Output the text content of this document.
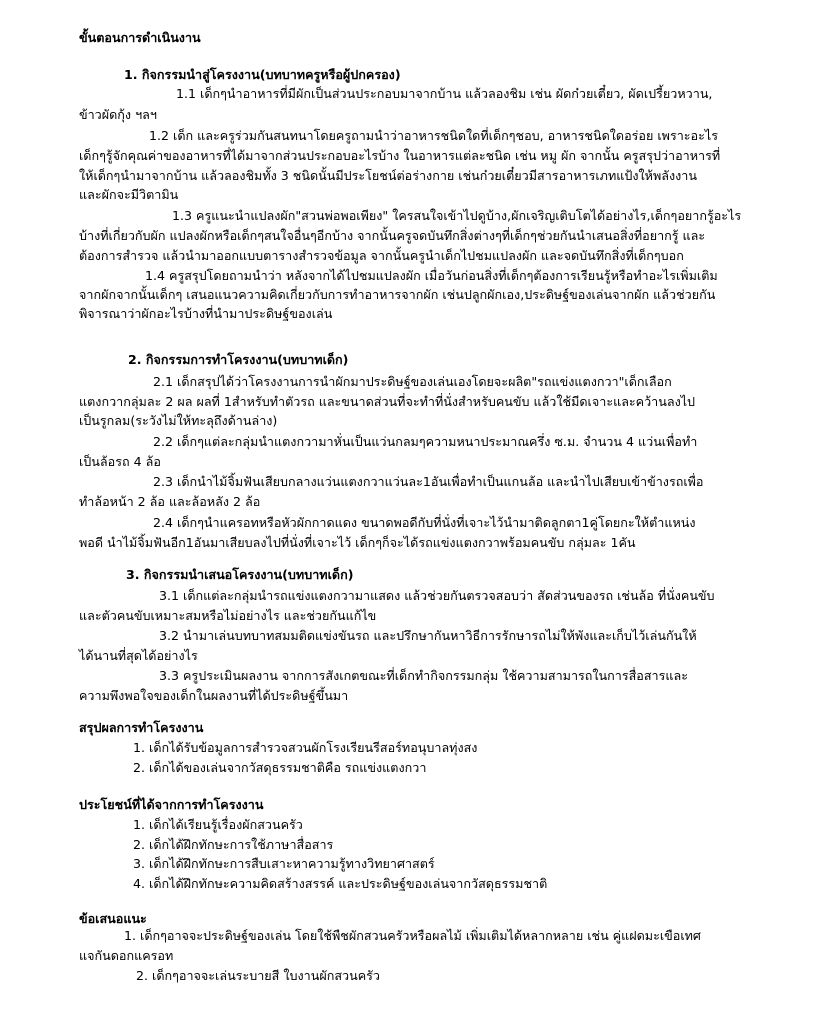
ขั้นตอนการดำเนินงาน
1. กิจกรรมนำสู่โครงงาน(บทบาทครูหรือผู้ปกครอง)
1.1 เด็กๆนำอาหารที่มีผักเป็นส่วนประกอบมาจากบ้าน แล้วลองชิม เช่น ผัดก๋วยเตี๋ยว, ผัดเปรี้ยวหวาน,
ข้าวผัดกุ้ง ฯลฯ
1.2 เด็ก และครูร่วมกันสนทนาโดยครูถามนำว่าอาหารชนิดใดที่เด็กๆชอบ, อาหารชนิดใดอร่อย เพราะอะไร
เด็กๆรู้จักคุณค่าของอาหารที่ได้มาจากส่วนประกอบอะไรบ้าง ในอาหารแต่ละชนิด เช่น หมู ผัก จากนั้น ครูสรุปว่าอาหารที่
ให้เด็กๆนำมาจากบ้าน แล้วลองชิมทั้ง 3 ชนิดนั้นมีประโยชน์ต่อร่างกาย เช่นก๋วยเตี๋ยวมีสารอาหารเภทแป้งให้พลังงาน
และผักจะมีวิตามิน
1.3 ครูแนะนำแปลงผัก"สวนพ่อพอเพียง" ใครสนใจเข้าไปดูบ้าง,ผักเจริญเติบโตได้อย่างไร,เด็กๆอยากรู้อะไร
บ้างที่เกี่ยวกับผัก แปลงผักหรือเด็กๆสนใจอื่นๆอีกบ้าง จากนั้นครูจดบันทึกสิ่งต่างๆที่เด็กๆช่วยกันนำเสนอสิ่งที่อยากรู้ และ
ต้องการสำรวจ แล้วนำมาออกแบบตารางสำรวจข้อมูล จากนั้นครูนำเด็กไปชมแปลงผัก และจดบันทึกสิ่งที่เด็กๆบอก
1.4 ครูสรุปโดยถามนำว่า หลังจากได้ไปชมแปลงผัก เมื่อวันก่อนสิ่งที่เด็กๆต้องการเรียนรู้หรือทำอะไรเพิ่มเติม
จากผักจากนั้นเด็กๆ เสนอแนวความคิดเกี่ยวกับการทำอาหารจากผัก เช่นปลูกผักเอง,ประดิษฐ์ของเล่นจากผัก แล้วช่วยกัน
พิจารณาว่าผักอะไรบ้างที่นำมาประดิษฐ์ของเล่น
2. กิจกรรมการทำโครงงาน(บทบาทเด็ก)
2.1 เด็กสรุปได้ว่าโครงงานการนำผักมาประดิษฐ์ของเล่นเองโดยจะผลิต"รถแข่งแตงกวา"เด็กเลือก
แตงกวากลุ่มละ 2 ผล ผลที่ 1สำหรับทำตัวรถ และขนาดส่วนที่จะทำที่นั่งสำหรับคนขับ แล้วใช้มีดเจาะและคว้านลงไป
เป็นรูกลม(ระวังไม่ให้ทะลุถึงด้านล่าง)
2.2 เด็กๆแต่ละกลุ่มนำแตงกวามาหั่นเป็นแว่นกลมๆความหนาประมาณครึ่ง ซ.ม. จำนวน 4 แว่นเพื่อทำ
เป็นล้อรถ 4 ล้อ
2.3 เด็กนำไม้จิ้มฟันเสียบกลางแว่นแตงกวาแว่นละ1อันเพื่อทำเป็นแกนล้อ และนำไปเสียบเข้าข้างรถเพื่อ
ทำล้อหน้า 2 ล้อ และล้อหลัง 2 ล้อ
2.4 เด็กๆนำแครอทหรือหัวผักกาดแดง ขนาดพอดีกับที่นั่งที่เจาะไว้นำมาติดลูกตา1คู่โดยกะให้ตำแหน่ง
พอดี นำไม้จิ้มฟันอีก1อันมาเสียบลงไปที่นั่งที่เจาะไว้ เด็กๆก็จะได้รถแข่งแตงกวาพร้อมคนขับ กลุ่มละ 1คัน
3. กิจกรรมนำเสนอโครงงาน(บทบาทเด็ก)
3.1 เด็กแต่ละกลุ่มนำรถแข่งแตงกวามาแสดง แล้วช่วยกันตรวจสอบว่า สัดส่วนของรถ เช่นล้อ ที่นั่งคนขับ
และตัวคนขับเหมาะสมหรือไม่อย่างไร และช่วยกันแก้ไข
3.2 นำมาเล่นบทบาทสมมติดแข่งขันรถ และปรึกษากันหาวิธีการรักษารถไม่ให้พังและเก็บไว้เล่นกันให้
ได้นานที่สุดได้อย่างไร
3.3 ครูประเมินผลงาน จากการสังเกตขณะที่เด็กทำกิจกรรมกลุ่ม ใช้ความสามารถในการสื่อสารและ
ความพึงพอใจของเด็กในผลงานที่ได้ประดิษฐ์ขึ้นมา
สรุปผลการทำโครงงาน
1. เด็กได้รับข้อมูลการสำรวจสวนผักโรงเรียนรีสอร์ทอนุบาลทุ่งสง
2. เด็กได้ของเล่นจากวัสดุธรรมชาติคือ รถแข่งแตงกวา
ประโยชน์ที่ได้จากการทำโครงงาน
1. เด็กได้เรียนรู้เรื่องผักสวนครัว
2. เด็กได้ฝึกทักษะการใช้ภาษาสื่อสาร
3. เด็กได้ฝึกทักษะการสืบเสาะหาความรู้ทางวิทยาศาสตร์
4. เด็กได้ฝึกทักษะความคิดสร้างสรรค์ และประดิษฐ์ของเล่นจากวัสดุธรรมชาติ
ข้อเสนอแนะ
1. เด็กๆอาจจะประดิษฐ์ของเล่น โดยใช้พืชผักสวนครัวหรือผลไม้ เพิ่มเติมได้หลากหลาย เช่น คู่แฝดมะเขือเทศ
แจกันดอกแครอท
2. เด็กๆอาจจะเล่นระบายสี ใบงานผักสวนครัว
